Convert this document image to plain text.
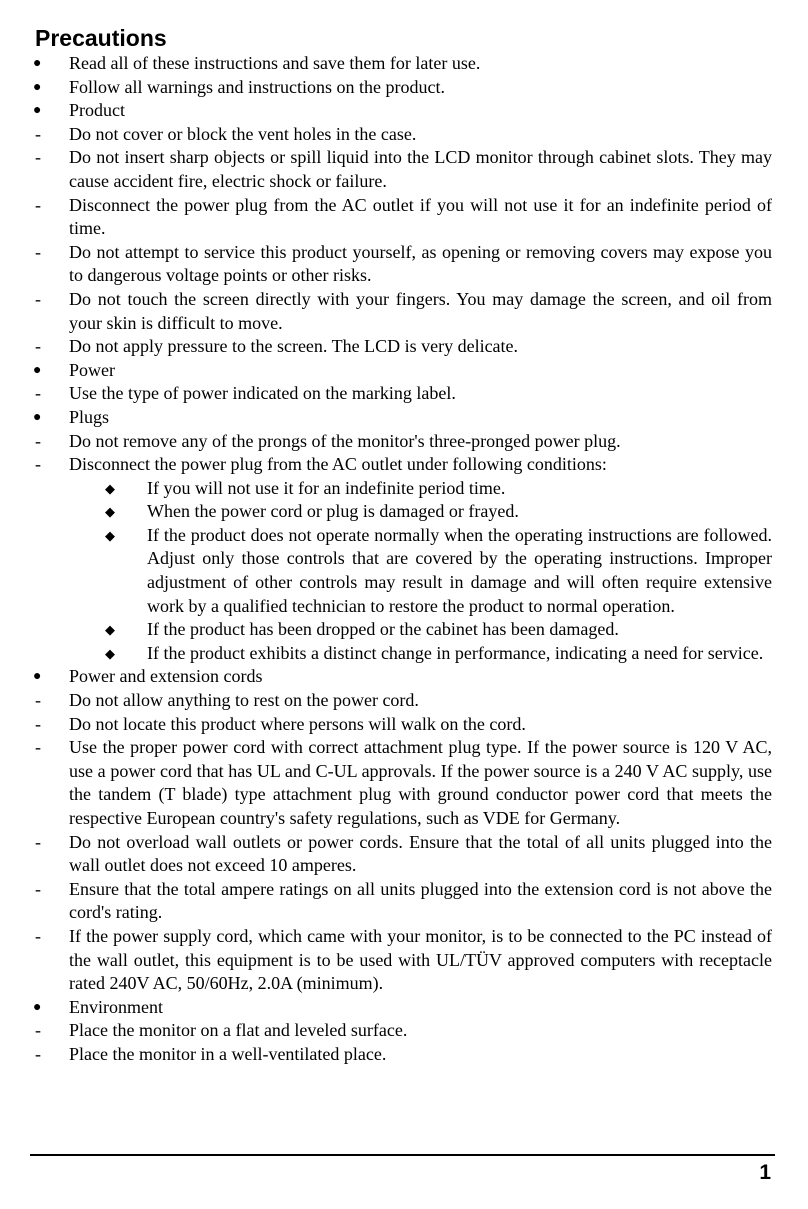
Precautions
● Read all of these instructions and save them for later use.
● Follow all warnings and instructions on the product.
● Product
- Do not cover or block the vent holes in the case.
- Do not insert sharp objects or spill liquid into the LCD monitor through cabinet slots. They may cause accident fire, electric shock or failure.
- Disconnect the power plug from the AC outlet if you will not use it for an indefinite period of time.
- Do not attempt to service this product yourself, as opening or removing covers may expose you to dangerous voltage points or other risks.
- Do not touch the screen directly with your fingers. You may damage the screen, and oil from your skin is difficult to move.
- Do not apply pressure to the screen. The LCD is very delicate.
● Power
- Use the type of power indicated on the marking label.
● Plugs
- Do not remove any of the prongs of the monitor's three-pronged power plug.
- Disconnect the power plug from the AC outlet under following conditions:
◆ If you will not use it for an indefinite period time.
◆ When the power cord or plug is damaged or frayed.
◆ If the product does not operate normally when the operating instructions are followed. Adjust only those controls that are covered by the operating instructions. Improper adjustment of other controls may result in damage and will often require extensive work by a qualified technician to restore the product to normal operation.
◆ If the product has been dropped or the cabinet has been damaged.
◆ If the product exhibits a distinct change in performance, indicating a need for service.
● Power and extension cords
- Do not allow anything to rest on the power cord.
- Do not locate this product where persons will walk on the cord.
- Use the proper power cord with correct attachment plug type. If the power source is 120 V AC, use a power cord that has UL and C-UL approvals. If the power source is a 240 V AC supply, use the tandem (T blade) type attachment plug with ground conductor power cord that meets the respective European country's safety regulations, such as VDE for Germany.
- Do not overload wall outlets or power cords. Ensure that the total of all units plugged into the wall outlet does not exceed 10 amperes.
- Ensure that the total ampere ratings on all units plugged into the extension cord is not above the cord's rating.
- If the power supply cord, which came with your monitor, is to be connected to the PC instead of the wall outlet, this equipment is to be used with UL/TÜV approved computers with receptacle rated 240V AC, 50/60Hz, 2.0A (minimum).
● Environment
- Place the monitor on a flat and leveled surface.
- Place the monitor in a well-ventilated place.
1
